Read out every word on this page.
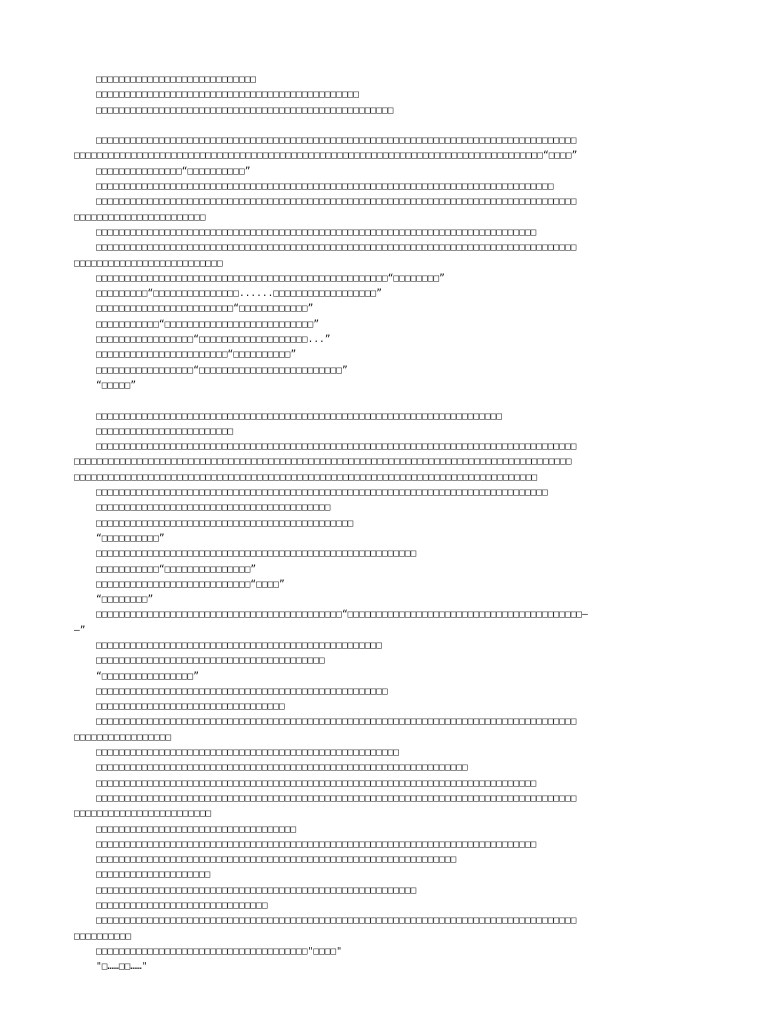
□□□□□□□□□□□□□□□□□□□□□□□□□□□□
□□□□□□□□□□□□□□□□□□□□□□□□□□□□□□□□□□□□□□□□□□□□□□
□□□□□□□□□□□□□□□□□□□□□□□□□□□□□□□□□□□□□□□□□□□□□□□□□□□□
□□□□□□□□□□□□□□□□□□□□□□□□□□□□□□□□□□□□□□□□□□□□□□□□□□□□□□□□□□□□□□□□□□□□□□□□□□□□□□□□□□□□
□□□□□□□□□□□□□□□□□□□□□□□□□□□□□□□□□□□□□□□□□□□□□□□□□□□□□□□□□□□□□□□□□□□□□□□□□□□□□□□□□□“□□□□”
□□□□□□□□□□□□□□□“□□□□□□□□□□”
□□□□□□□□□□□□□□□□□□□□□□□□□□□□□□□□□□□□□□□□□□□□□□□□□□□□□□□□□□□□□□□□□□□□□□□□□□□□□□□□
□□□□□□□□□□□□□□□□□□□□□□□□□□□□□□□□□□□□□□□□□□□□□□□□□□□□□□□□□□□□□□□□□□□□□□□□□□□□□□□□□□□□
□□□□□□□□□□□□□□□□□□□□□□□
□□□□□□□□□□□□□□□□□□□□□□□□□□□□□□□□□□□□□□□□□□□□□□□□□□□□□□□□□□□□□□□□□□□□□□□□□□□□□
□□□□□□□□□□□□□□□□□□□□□□□□□□□□□□□□□□□□□□□□□□□□□□□□□□□□□□□□□□□□□□□□□□□□□□□□□□□□□□□□□□□□
□□□□□□□□□□□□□□□□□□□□□□□□□□
□□□□□□□□□□□□□□□□□□□□□□□□□□□□□□□□□□□□□□□□□□□□□□□□□□□“□□□□□□□□”
□□□□□□□□□“□□□□□□□□□□□□□□□......□□□□□□□□□□□□□□□□□□”
□□□□□□□□□□□□□□□□□□□□□□□□“□□□□□□□□□□□□”
□□□□□□□□□□□“□□□□□□□□□□□□□□□□□□□□□□□□□□”
□□□□□□□□□□□□□□□□□“□□□□□□□□□□□□□□□□□□□...”
□□□□□□□□□□□□□□□□□□□□□□□“□□□□□□□□□□”
□□□□□□□□□□□□□□□□□“□□□□□□□□□□□□□□□□□□□□□□□□□”
“□□□□□”
□□□□□□□□□□□□□□□□□□□□□□□□□□□□□□□□□□□□□□□□□□□□□□□□□□□□□□□□□□□□□□□□□□□□□□□
□□□□□□□□□□□□□□□□□□□□□□□□
□□□□□□□□□□□□□□□□□□□□□□□□□□□□□□□□□□□□□□□□□□□□□□□□□□□□□□□□□□□□□□□□□□□□□□□□□□□□□□□□□□□□
□□□□□□□□□□□□□□□□□□□□□□□□□□□□□□□□□□□□□□□□□□□□□□□□□□□□□□□□□□□□□□□□□□□□□□□□□□□□□□□□□□□□□□□
□□□□□□□□□□□□□□□□□□□□□□□□□□□□□□□□□□□□□□□□□□□□□□□□□□□□□□□□□□□□□□□□□□□□□□□□□□□□□□□□□
□□□□□□□□□□□□□□□□□□□□□□□□□□□□□□□□□□□□□□□□□□□□□□□□□□□□□□□□□□□□□□□□□□□□□□□□□□□□□□□
□□□□□□□□□□□□□□□□□□□□□□□□□□□□□□□□□□□□□□□□□
□□□□□□□□□□□□□□□□□□□□□□□□□□□□□□□□□□□□□□□□□□□□□
“□□□□□□□□□□”
□□□□□□□□□□□□□□□□□□□□□□□□□□□□□□□□□□□□□□□□□□□□□□□□□□□□□□□□
□□□□□□□□□□□“□□□□□□□□□□□□□□□”
□□□□□□□□□□□□□□□□□□□□□□□□□□□“□□□□”
“□□□□□□□□”
□□□□□□□□□□□□□□□□□□□□□□□□□□□□□□□□□□□□□□□□□□□“□□□□□□□□□□□□□□□□□□□□□□□□□□□□□□□□□□□□□□□□□—
—”
□□□□□□□□□□□□□□□□□□□□□□□□□□□□□□□□□□□□□□□□□□□□□□□□□□
□□□□□□□□□□□□□□□□□□□□□□□□□□□□□□□□□□□□□□□□
“□□□□□□□□□□□□□□□□”
□□□□□□□□□□□□□□□□□□□□□□□□□□□□□□□□□□□□□□□□□□□□□□□□□□□
□□□□□□□□□□□□□□□□□□□□□□□□□□□□□□□□□
□□□□□□□□□□□□□□□□□□□□□□□□□□□□□□□□□□□□□□□□□□□□□□□□□□□□□□□□□□□□□□□□□□□□□□□□□□□□□□□□□□□□
□□□□□□□□□□□□□□□□□
□□□□□□□□□□□□□□□□□□□□□□□□□□□□□□□□□□□□□□□□□□□□□□□□□□□□□
□□□□□□□□□□□□□□□□□□□□□□□□□□□□□□□□□□□□□□□□□□□□□□□□□□□□□□□□□□□□□□□□□
□□□□□□□□□□□□□□□□□□□□□□□□□□□□□□□□□□□□□□□□□□□□□□□□□□□□□□□□□□□□□□□□□□□□□□□□□□□□□
□□□□□□□□□□□□□□□□□□□□□□□□□□□□□□□□□□□□□□□□□□□□□□□□□□□□□□□□□□□□□□□□□□□□□□□□□□□□□□□□□□□□
□□□□□□□□□□□□□□□□□□□□□□□□
□□□□□□□□□□□□□□□□□□□□□□□□□□□□□□□□□□□
□□□□□□□□□□□□□□□□□□□□□□□□□□□□□□□□□□□□□□□□□□□□□□□□□□□□□□□□□□□□□□□□□□□□□□□□□□□□□
□□□□□□□□□□□□□□□□□□□□□□□□□□□□□□□□□□□□□□□□□□□□□□□□□□□□□□□□□□□□□□□
□□□□□□□□□□□□□□□□□□□□
□□□□□□□□□□□□□□□□□□□□□□□□□□□□□□□□□□□□□□□□□□□□□□□□□□□□□□□□
□□□□□□□□□□□□□□□□□□□□□□□□□□□□□□
□□□□□□□□□□□□□□□□□□□□□□□□□□□□□□□□□□□□□□□□□□□□□□□□□□□□□□□□□□□□□□□□□□□□□□□□□□□□□□□□□□□□
□□□□□□□□□□
□□□□□□□□□□□□□□□□□□□□□□□□□□□□□□□□□□□□□"□□□□"
"□……□□……"
